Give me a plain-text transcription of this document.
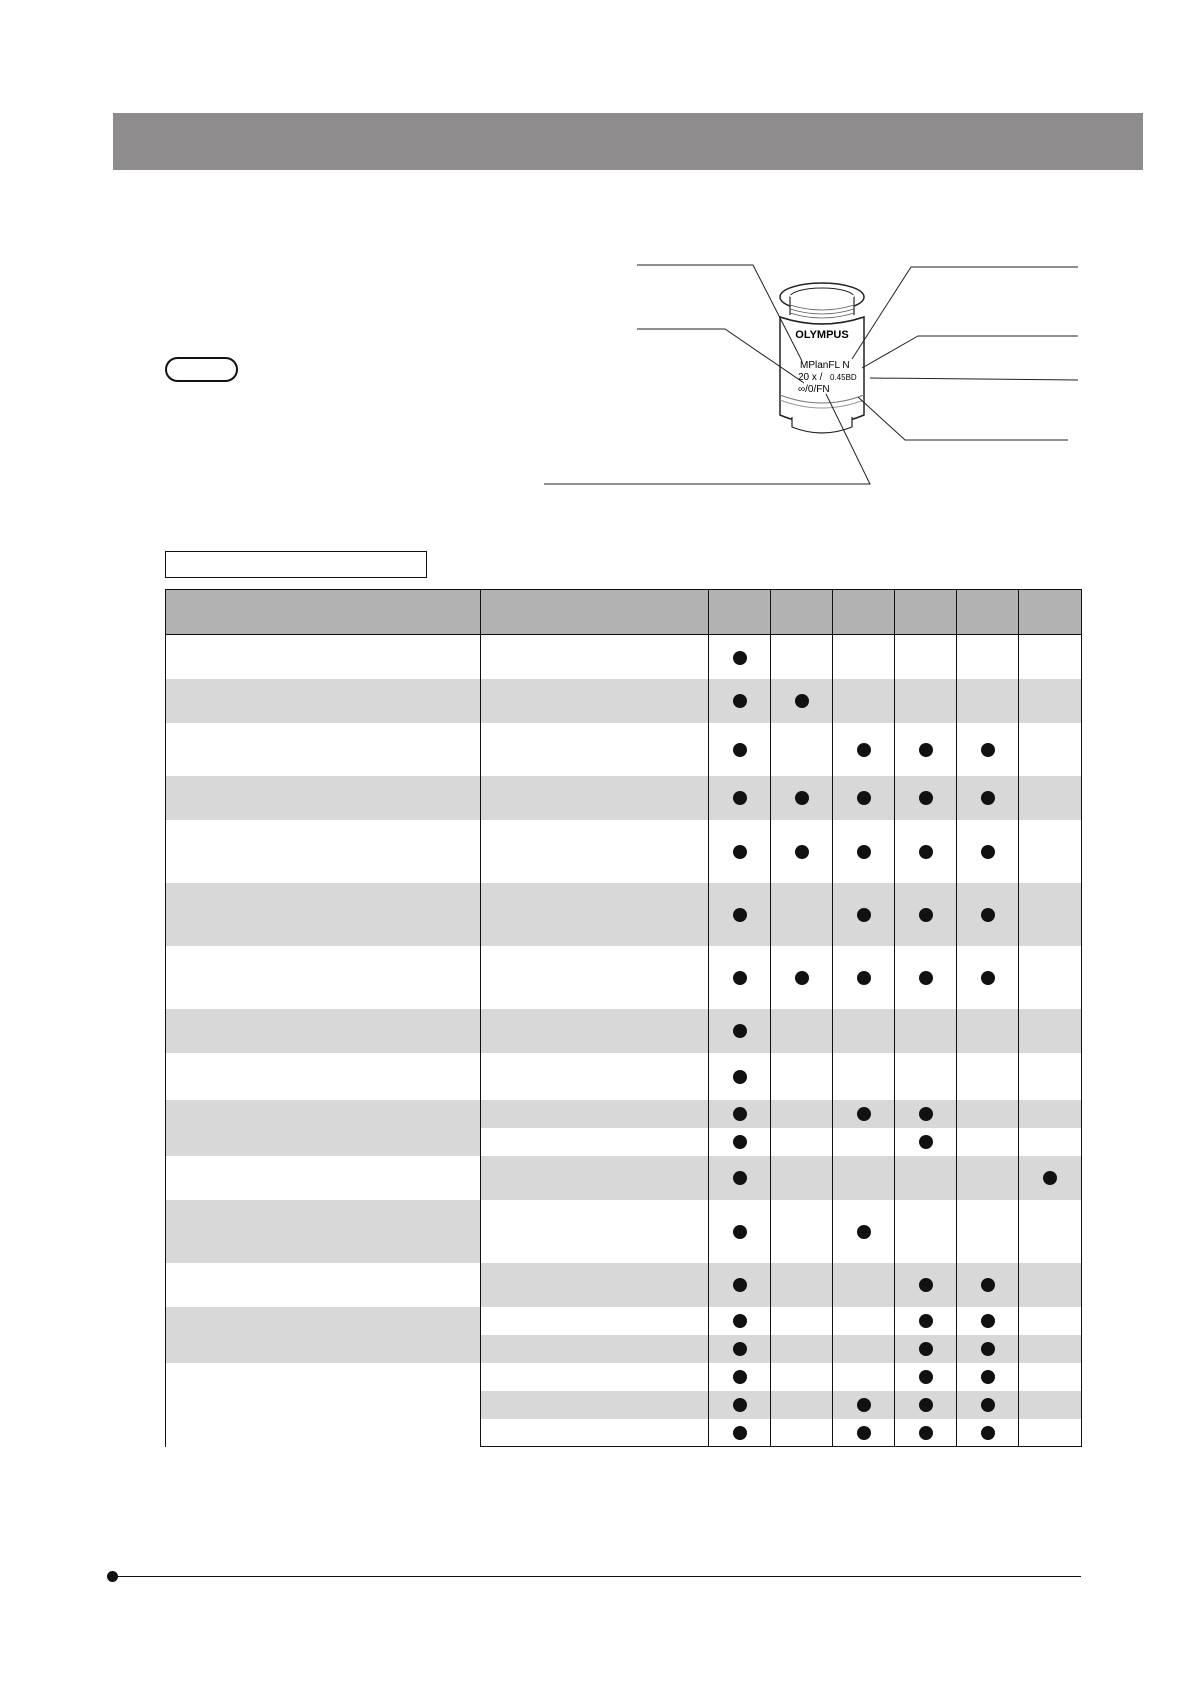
OLYMPUS
MPlanFL N
20 x / 0.45BD
∞/0/FN
